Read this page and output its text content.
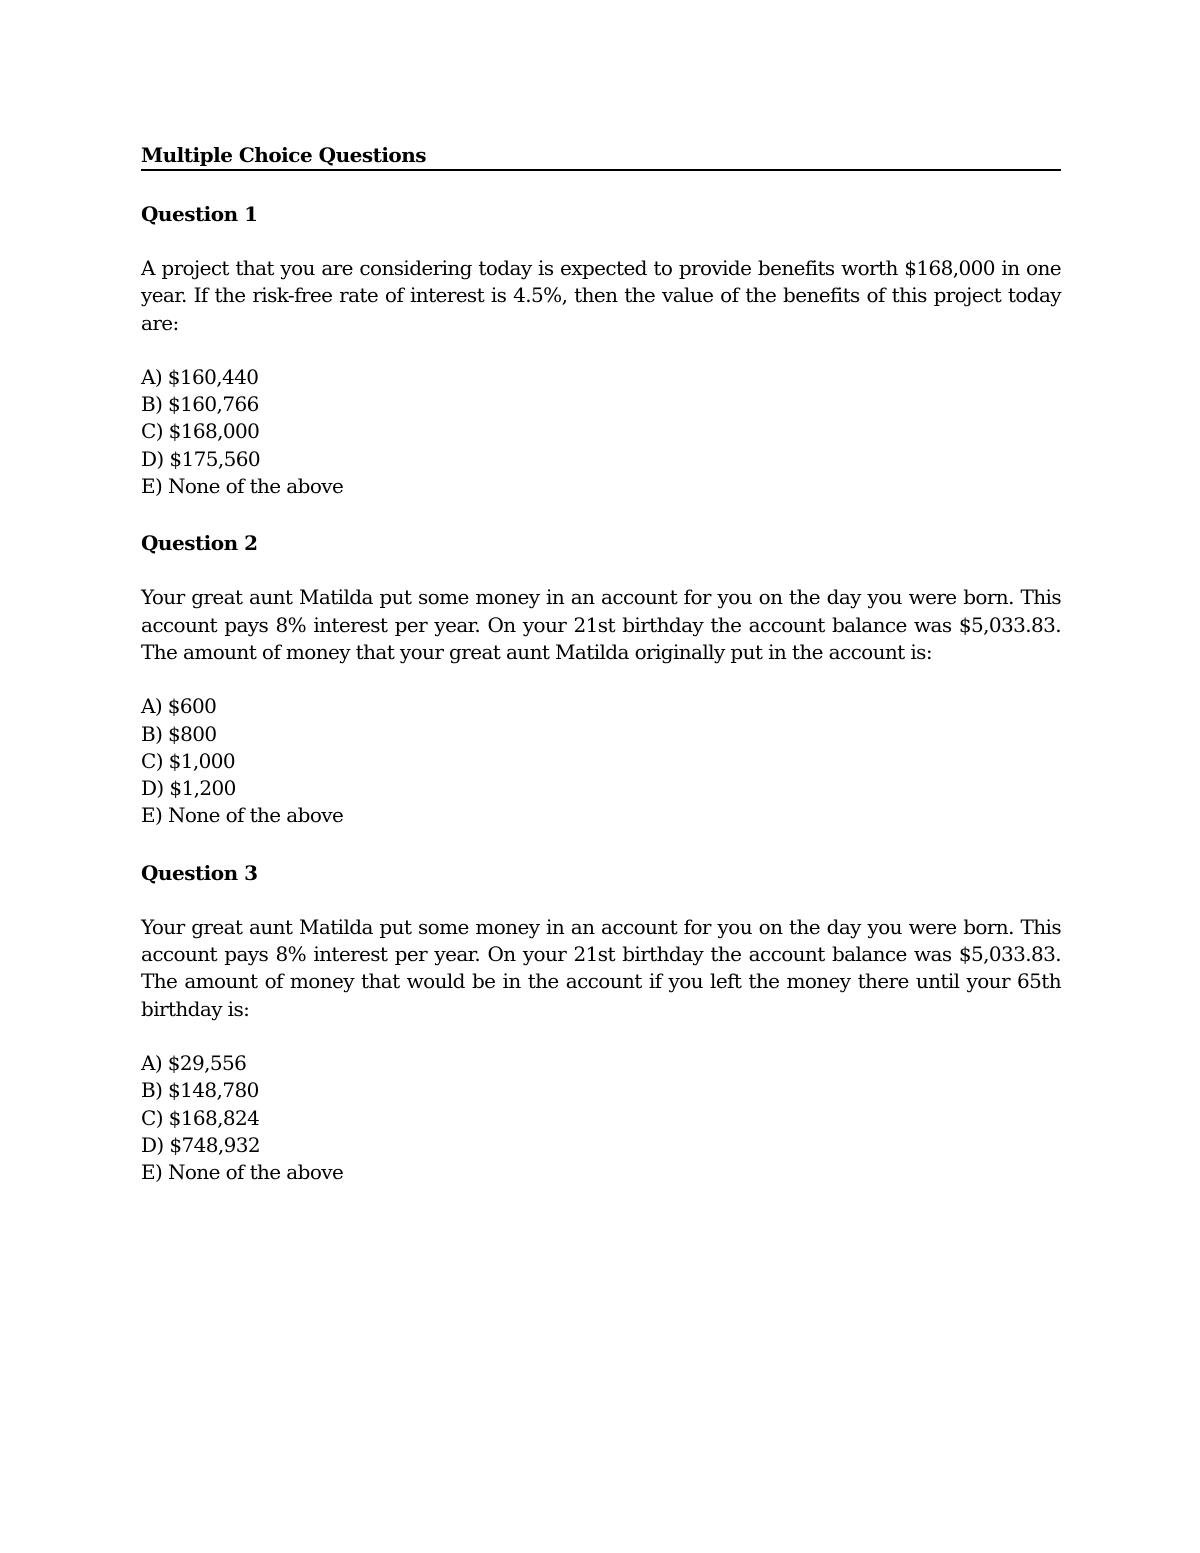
Multiple Choice Questions
Question 1

A project that you are considering today is expected to provide benefits worth $168,000 in one year. If the risk-free rate of interest is 4.5%, then the value of the benefits of this project today are:

A) $160,440
B) $160,766
C) $168,000
D) $175,560
E) None of the above
Question 2

Your great aunt Matilda put some money in an account for you on the day you were born. This account pays 8% interest per year. On your 21st birthday the account balance was $5,033.83. The amount of money that your great aunt Matilda originally put in the account is:

A) $600
B) $800
C) $1,000
D) $1,200
E) None of the above
Question 3

Your great aunt Matilda put some money in an account for you on the day you were born. This account pays 8% interest per year. On your 21st birthday the account balance was $5,033.83. The amount of money that would be in the account if you left the money there until your 65th birthday is:

A) $29,556
B) $148,780
C) $168,824
D) $748,932
E) None of the above
